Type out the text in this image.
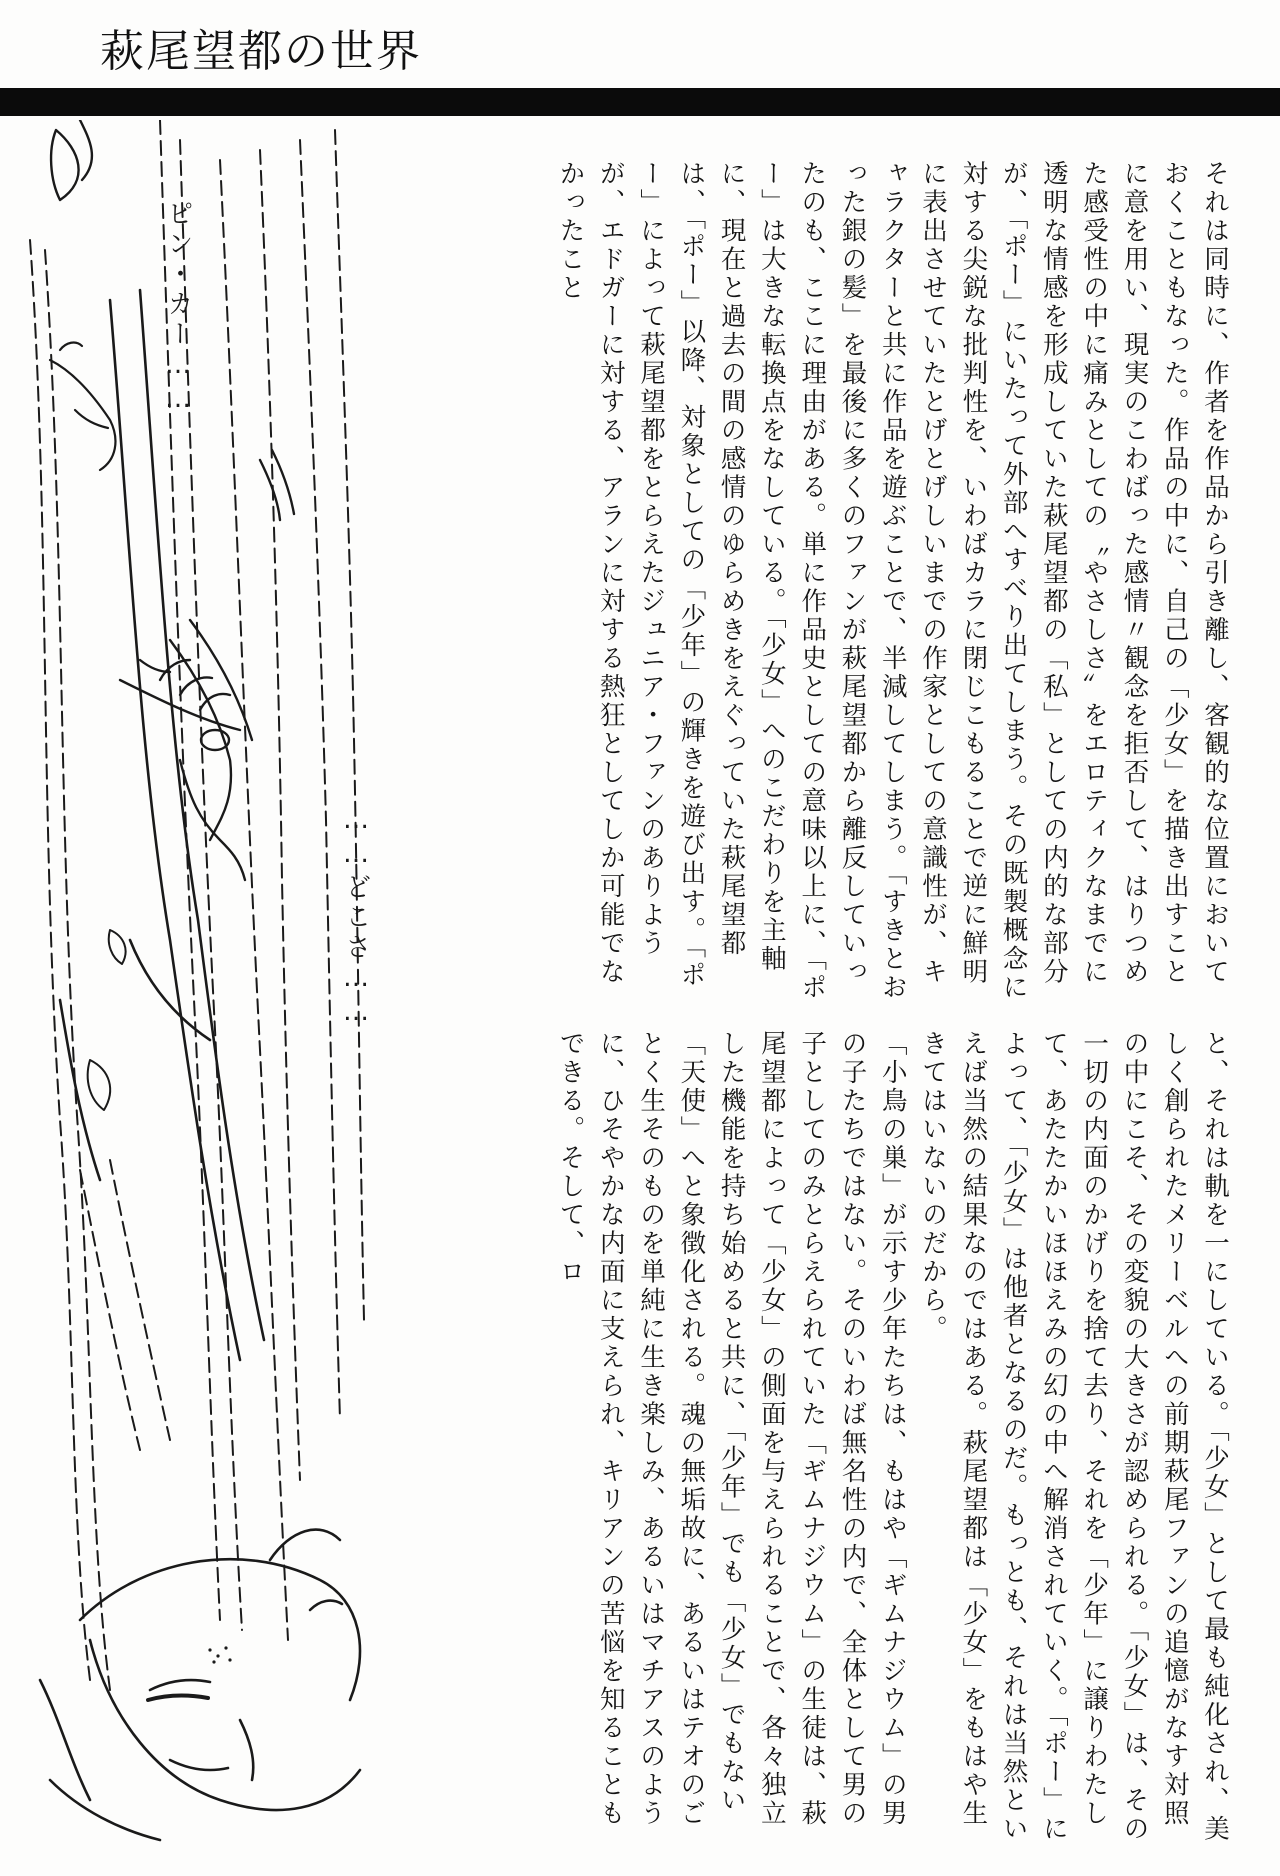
萩尾望都の世界

ピン・カー……

……どこさ……	それは同時に、作者を作品から引き離し、客観的な位置においておくこともなった。作品の中に、自己の「少女」を描き出すことに意を用い、現実のこわばった感情〃観念を拒否して、はりつめた感受性の中に痛みとしての〝やさしさ〟をエロティクなまでに透明な情感を形成していた萩尾望都の「私」としての内的な部分が、「ポー」にいたって外部へすべり出てしまう。その既製概念に対する尖鋭な批判性を、いわばカラに閉じこもることで逆に鮮明に表出させていたとげとげしいまでの作家としての意識性が、キャラクターと共に作品を遊ぶことで、半減してしまう。「すきとおった銀の髪」を最後に多くのファンが萩尾望都から離反していったのも、ここに理由がある。単に作品史としての意味以上に、「ポー」は大きな転換点をなしている。「少女」へのこだわりを主軸に、現在と過去の間の感情のゆらめきをえぐっていた萩尾望都は、「ポー」以降、対象としての「少年」の輝きを遊び出す。「ポー」によって萩尾望都をとらえたジュニア・ファンのありようが、エドガーに対する、アランに対する熱狂としてしか可能でなかったこと

と、それは軌を一にしている。「少女」として最も純化され、美しく創られたメリーベルへの前期萩尾ファンの追憶がなす対照の中にこそ、その変貌の大きさが認められる。「少女」は、その一切の内面のかげりを捨て去り、それを「少年」に譲りわたして、あたたかいほほえみの幻の中へ解消されていく。「ポー」によって、「少女」は他者となるのだ。もっとも、それは当然といえば当然の結果なのではある。萩尾望都は「少女」をもはや生きてはいないのだから。
「小鳥の巣」が示す少年たちは、もはや「ギムナジウム」の男の子たちではない。そのいわば無名性の内で、全体として男の子としてのみとらえられていた「ギムナジウム」の生徒は、萩尾望都によって「少女」の側面を与えられることで、各々独立した機能を持ち始めると共に、「少年」でも「少女」でもない「天使」へと象徴化される。魂の無垢故に、あるいはテオのごとく生そのものを単純に生き楽しみ、あるいはマチアスのように、ひそやかな内面に支えられ、キリアンの苦悩を知ることもできる。そして、ロ
